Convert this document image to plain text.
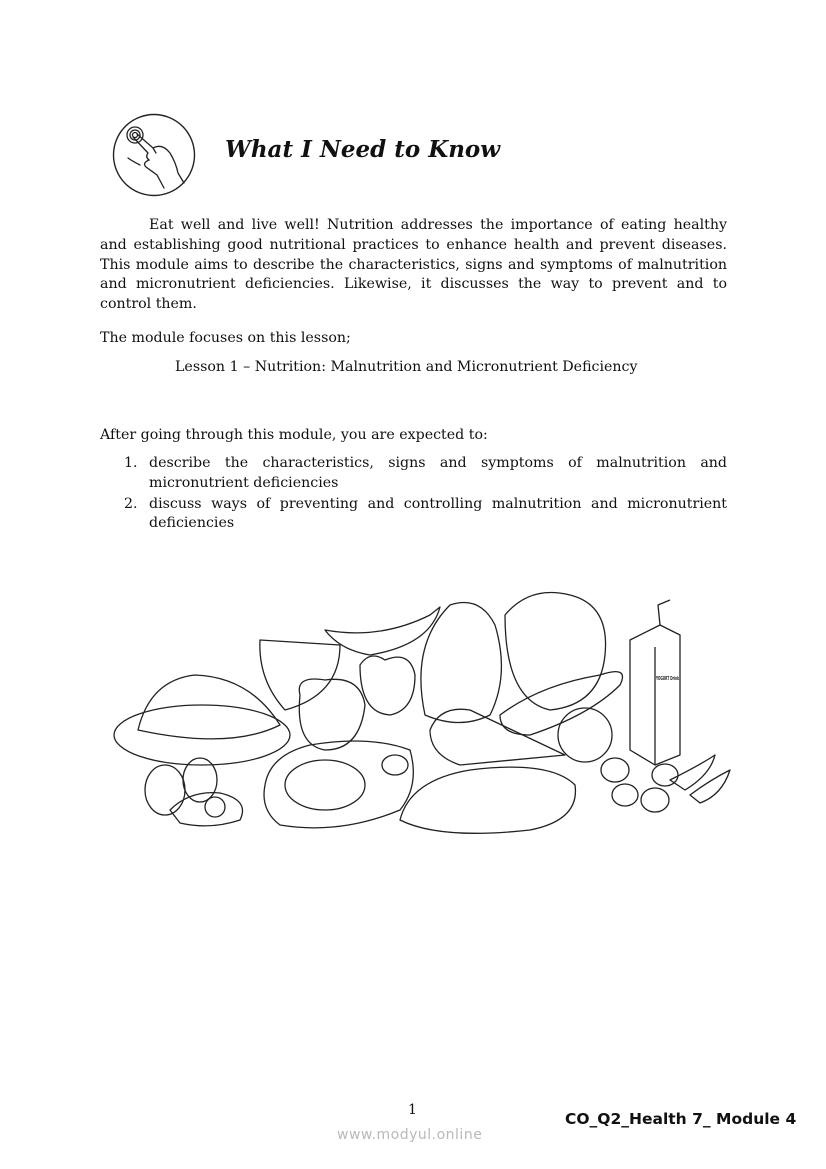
What I Need to Know
Eat well and live well! Nutrition addresses the importance of eating healthy and establishing good nutritional practices to enhance health and prevent diseases. This module aims to describe the characteristics, signs and symptoms of malnutrition and micronutrient deficiencies. Likewise, it discusses the way to prevent and to control them.
The module focuses on this lesson;
Lesson 1 – Nutrition: Malnutrition and Micronutrient Deficiency
After going through this module, you are expected to:
1. describe the characteristics, signs and symptoms of malnutrition and micronutrient deficiencies
2. discuss ways of preventing and controlling malnutrition and micronutrient deficiencies
YOGURT Drink
1	CO_Q2_Health 7_ Module 4
www.modyul.online
